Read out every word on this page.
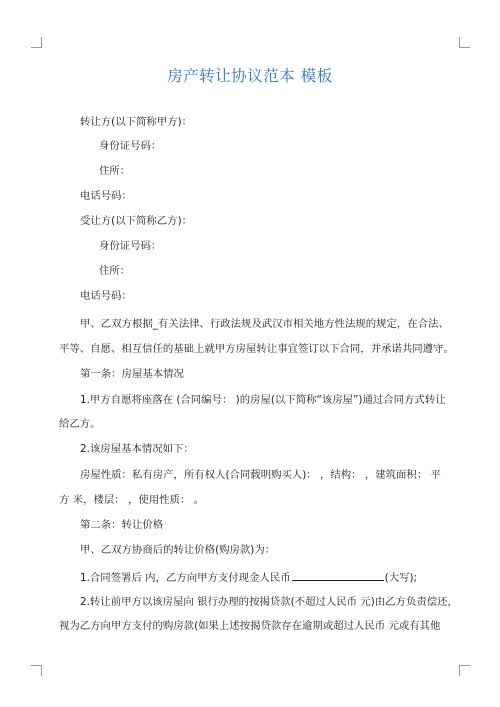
房产转让协议范本 模板
转让方(以下简称甲方)：
身份证号码：
住所：
电话号码：
受让方(以下简称乙方)：
身份证号码：
住所：
电话号码：
甲、乙双方根据_有关法律、行政法规及武汉市相关地方性法规的规定，在合法、
平等、自愿、相互信任的基础上就甲方房屋转让事宜签订以下合同，并承诺共同遵守。
第一条：房屋基本情况
1.甲方自愿将座落在 (合同编号： )的房屋(以下简称“该房屋”)通过合同方式转让
给乙方。
2.该房屋基本情况如下：
房屋性质：私有房产，所有权人(合同载明购买人)： ，结构： ，建筑面积： 平
方 米，楼层： ，使用性质： 。
第二条：转让价格
甲、乙双方协商后的转让价格(购房款)为：
1.合同签署后 内，乙方向甲方支付现金人民币	(大写);
2.转让前甲方以该房屋向 银行办理的按揭贷款(不超过人民币 元)由乙方负责偿还，
视为乙方向甲方支付的购房款(如果上述按揭贷款存在逾期或超过人民币 元或有其他
